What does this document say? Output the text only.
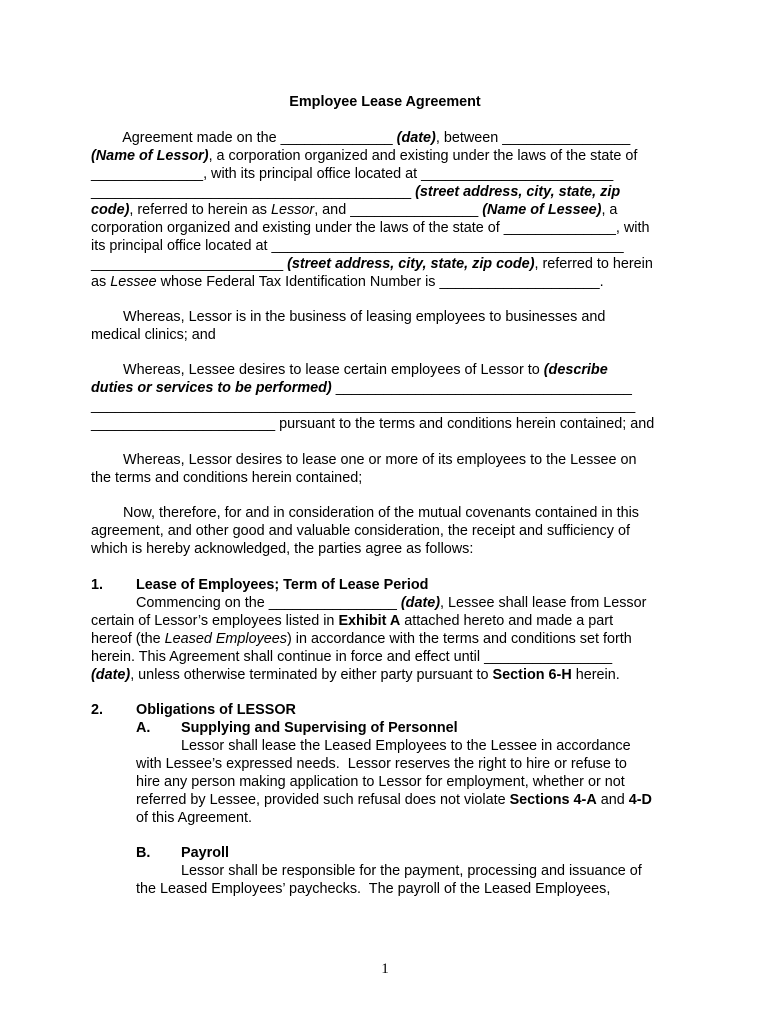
Employee Lease Agreement
Agreement made on the ______________ (date), between ________________
(Name of Lessor), a corporation organized and existing under the laws of the state of
______________, with its principal office located at ________________________
________________________________________ (street address, city, state, zip
code), referred to herein as Lessor, and ________________ (Name of Lessee), a
corporation organized and existing under the laws of the state of ______________, with
its principal office located at ____________________________________________
________________________ (street address, city, state, zip code), referred to herein
as Lessee whose Federal Tax Identification Number is ____________________.
Whereas, Lessor is in the business of leasing employees to businesses and
medical clinics; and
Whereas, Lessee desires to lease certain employees of Lessor to (describe
duties or services to be performed) _____________________________________
____________________________________________________________________
_______________________ pursuant to the terms and conditions herein contained; and
Whereas, Lessor desires to lease one or more of its employees to the Lessee on
the terms and conditions herein contained;
Now, therefore, for and in consideration of the mutual covenants contained in this
agreement, and other good and valuable consideration, the receipt and sufficiency of
which is hereby acknowledged, the parties agree as follows:
1. Lease of Employees; Term of Lease Period
Commencing on the ________________ (date), Lessee shall lease from Lessor
certain of Lessor’s employees listed in Exhibit A attached hereto and made a part
hereof (the Leased Employees) in accordance with the terms and conditions set forth
herein. This Agreement shall continue in force and effect until ________________
(date), unless otherwise terminated by either party pursuant to Section 6-H herein.
2. Obligations of LESSOR
A. Supplying and Supervising of Personnel
Lessor shall lease the Leased Employees to the Lessee in accordance
with Lessee’s expressed needs.  Lessor reserves the right to hire or refuse to
hire any person making application to Lessor for employment, whether or not
referred by Lessee, provided such refusal does not violate Sections 4-A and 4-D
of this Agreement.
B. Payroll
Lessor shall be responsible for the payment, processing and issuance of
the Leased Employees’ paychecks.  The payroll of the Leased Employees,
1
